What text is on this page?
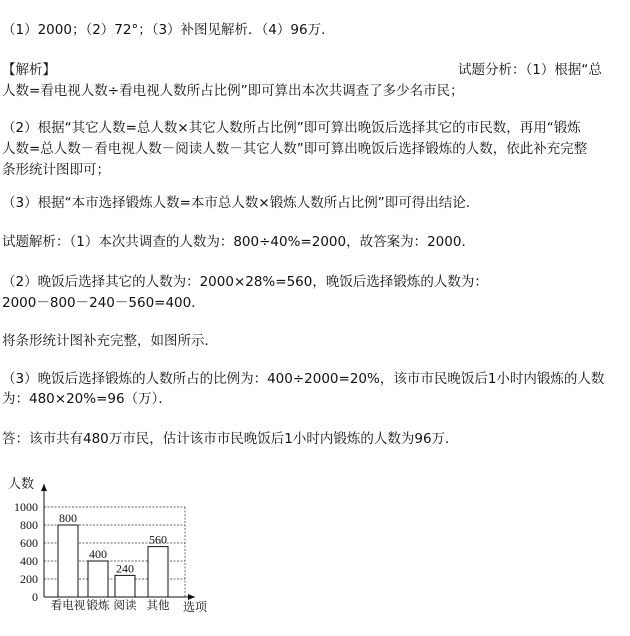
（1）2000；（2）72°；（3）补图见解析．（4）96万．
【解析】	试题分析：（1）根据“总
人数=看电视人数÷看电视人数所占比例”即可算出本次共调查了多少名市民；
（2）根据“其它人数=总人数×其它人数所占比例”即可算出晚饭后选择其它的市民数，再用“锻炼
人数=总人数－看电视人数－阅读人数－其它人数”即可算出晚饭后选择锻炼的人数，依此补充完整
条形统计图即可；
（3）根据“本市选择锻炼人数=本市总人数×锻炼人数所占比例”即可得出结论．
试题解析：（1）本次共调查的人数为：800÷40%=2000，故答案为：2000．
（2）晚饭后选择其它的人数为：2000×28%=560，晚饭后选择锻炼的人数为：
2000－800－240－560=400．
将条形统计图补充完整，如图所示．
（3）晚饭后选择锻炼的人数所占的比例为：400÷2000=20%，该市市民晚饭后1小时内锻炼的人数
为：480×20%=96（万）．
答：该市共有480万市民，估计该市市民晚饭后1小时内锻炼的人数为96万．
0
200
400
600
800
1000
人数
选项
800
看电视
400
锻炼
240
阅读
560
其他
